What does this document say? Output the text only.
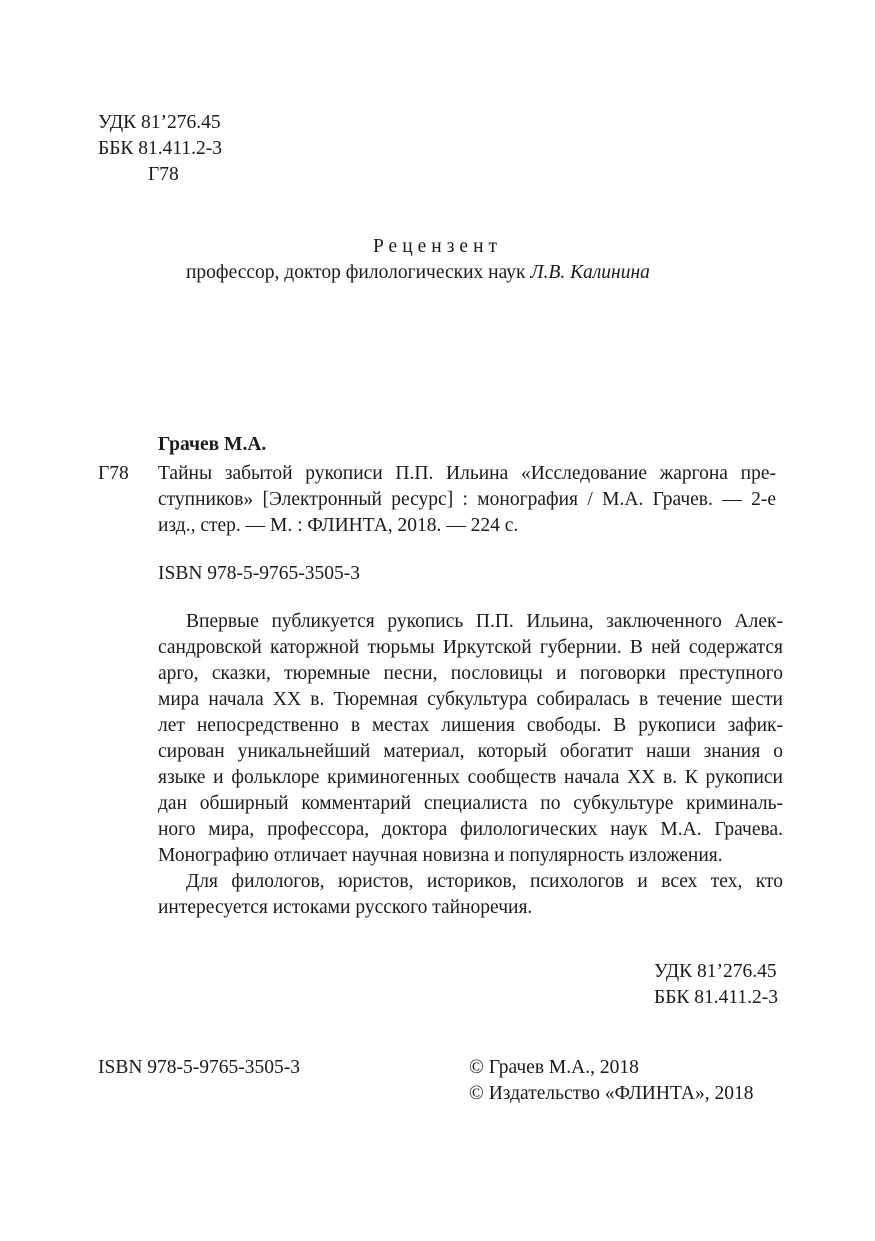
УДК 81’276.45
ББК 81.411.2-3
Г78
Рецензент
профессор, доктор филологических наук Л.В. Калинина
Грачев М.А.
Г78 Тайны забытой рукописи П.П. Ильина «Исследование жаргона пре-
ступников» [Электронный ресурс] : монография / М.А. Грачев. — 2-е
изд., стер. — М. : ФЛИНТА, 2018. — 224 с.
ISBN 978-5-9765-3505-3
Впервые публикуется рукопись П.П. Ильина, заключенного Алек-
сандровской каторжной тюрьмы Иркутской губернии. В ней содержатся
арго, сказки, тюремные песни, пословицы и поговорки преступного
мира начала XX в. Тюремная субкультура собиралась в течение шести
лет непосредственно в местах лишения свободы. В рукописи зафик-
сирован уникальнейший материал, который обогатит наши знания о
языке и фольклоре криминогенных сообществ начала XX в. К рукописи
дан обширный комментарий специалиста по субкультуре криминаль-
ного мира, профессора, доктора филологических наук М.А. Грачева.
Монографию отличает научная новизна и популярность изложения.
Для филологов, юристов, историков, психологов и всех тех, кто
интересуется истоками русского тайноречия.
УДК 81’276.45
ББК 81.411.2-3
ISBN 978-5-9765-3505-3	© Грачев М.А., 2018
© Издательство «ФЛИНТА», 2018
